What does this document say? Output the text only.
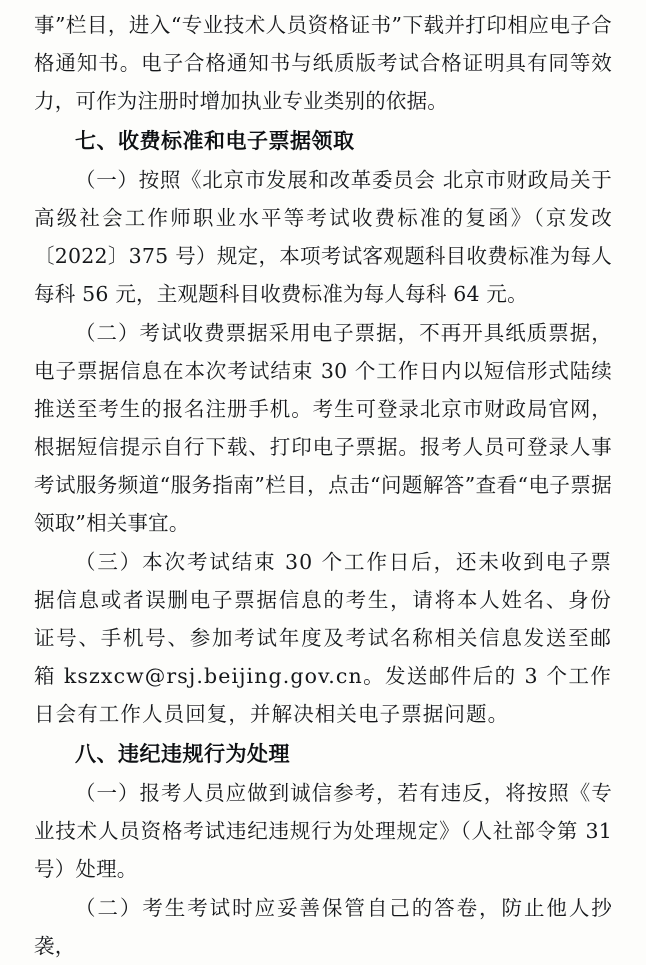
事”栏目，进入“专业技术人员资格证书”下载并打印相应电子合格通知书。电子合格通知书与纸质版考试合格证明具有同等效力，可作为注册时增加执业专业类别的依据。

七、收费标准和电子票据领取

（一）按照《北京市发展和改革委员会 北京市财政局关于高级社会工作师职业水平等考试收费标准的复函》（京发改〔2022〕375 号）规定，本项考试客观题科目收费标准为每人每科 56 元，主观题科目收费标准为每人每科 64 元。

（二）考试收费票据采用电子票据，不再开具纸质票据，电子票据信息在本次考试结束 30 个工作日内以短信形式陆续推送至考生的报名注册手机。考生可登录北京市财政局官网，根据短信提示自行下载、打印电子票据。报考人员可登录人事考试服务频道“服务指南”栏目，点击“问题解答”查看“电子票据领取”相关事宜。

（三）本次考试结束 30 个工作日后，还未收到电子票据信息或者误删电子票据信息的考生，请将本人姓名、身份证号、手机号、参加考试年度及考试名称相关信息发送至邮箱 kszxcw@rsj.beijing.gov.cn。发送邮件后的 3 个工作日会有工作人员回复，并解决相关电子票据问题。

八、违纪违规行为处理

（一）报考人员应做到诚信参考，若有违反，将按照《专业技术人员资格考试违纪违规行为处理规定》（人社部令第 31 号）处理。

（二）考生考试时应妥善保管自己的答卷，防止他人抄袭，
